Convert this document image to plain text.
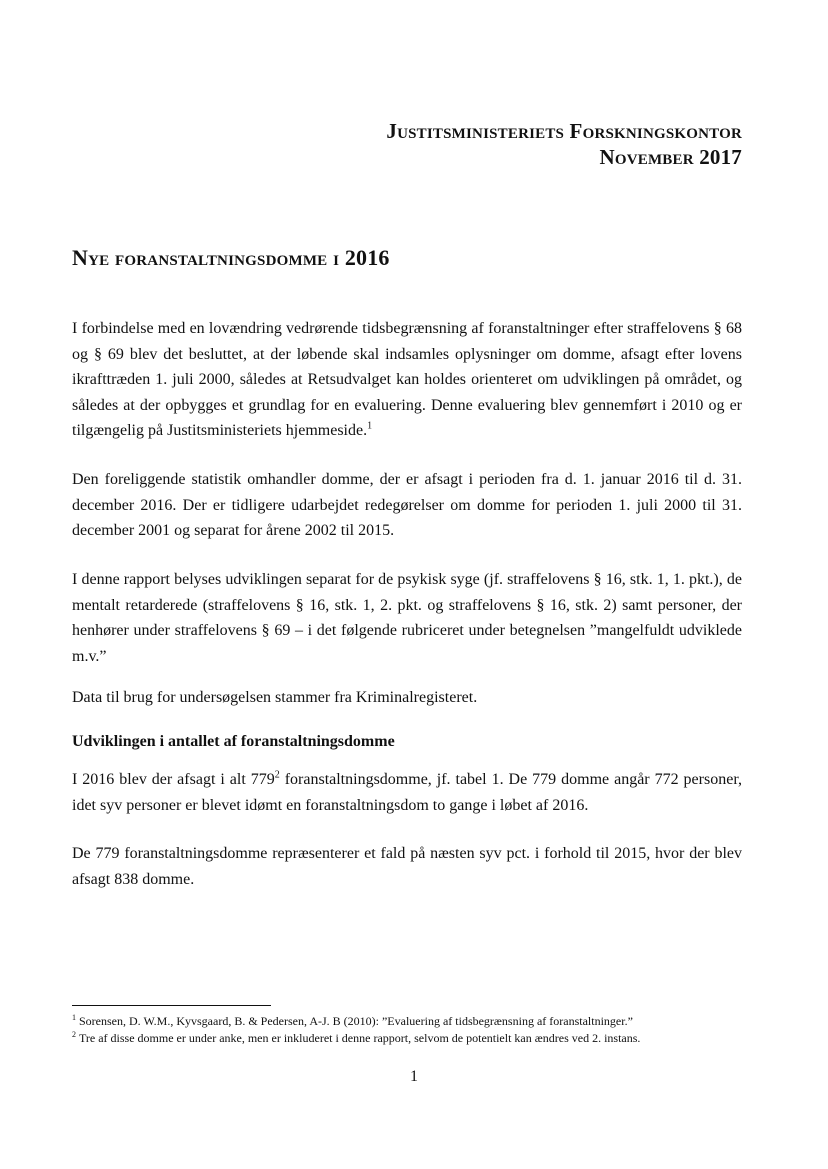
Justitsministeriets Forskningskontor
November 2017
Nye foranstaltningsdomme i 2016
I forbindelse med en lovændring vedrørende tidsbegrænsning af foranstaltninger efter straffelovens § 68 og § 69 blev det besluttet, at der løbende skal indsamles oplysninger om domme, afsagt efter lovens ikrafttræden 1. juli 2000, således at Retsudvalget kan holdes orienteret om udviklingen på området, og således at der opbygges et grundlag for en evaluering. Denne evaluering blev gennemført i 2010 og er tilgængelig på Justitsministeriets hjemmeside.$^1$
Den foreliggende statistik omhandler domme, der er afsagt i perioden fra d. 1. januar 2016 til d. 31. december 2016. Der er tidligere udarbejdet redegørelser om domme for perioden 1. juli 2000 til 31. december 2001 og separat for årene 2002 til 2015.
I denne rapport belyses udviklingen separat for de psykisk syge (jf. straffelovens § 16, stk. 1, 1. pkt.), de mentalt retarderede (straffelovens § 16, stk. 1, 2. pkt. og straffelovens § 16, stk. 2) samt personer, der henhører under straffelovens § 69 – i det følgende rubriceret under betegnelsen ”mangelfuldt udviklede m.v.”
Data til brug for undersøgelsen stammer fra Kriminalregisteret.
Udviklingen i antallet af foranstaltningsdomme
I 2016 blev der afsagt i alt $779^2$ foranstaltningsdomme, jf. tabel 1. De 779 domme angår 772 personer, idet syv personer er blevet idømt en foranstaltningsdom to gange i løbet af 2016.
De 779 foranstaltningsdomme repræsenterer et fald på næsten syv pct. i forhold til 2015, hvor der blev afsagt 838 domme.
$^1$ Sorensen, D. W.M., Kyvsgaard, B. & Pedersen, A-J. B (2010): ”Evaluering af tidsbegrænsning af foranstaltninger.”
$^2$ Tre af disse domme er under anke, men er inkluderet i denne rapport, selvom de potentielt kan ændres ved 2. instans.
1
